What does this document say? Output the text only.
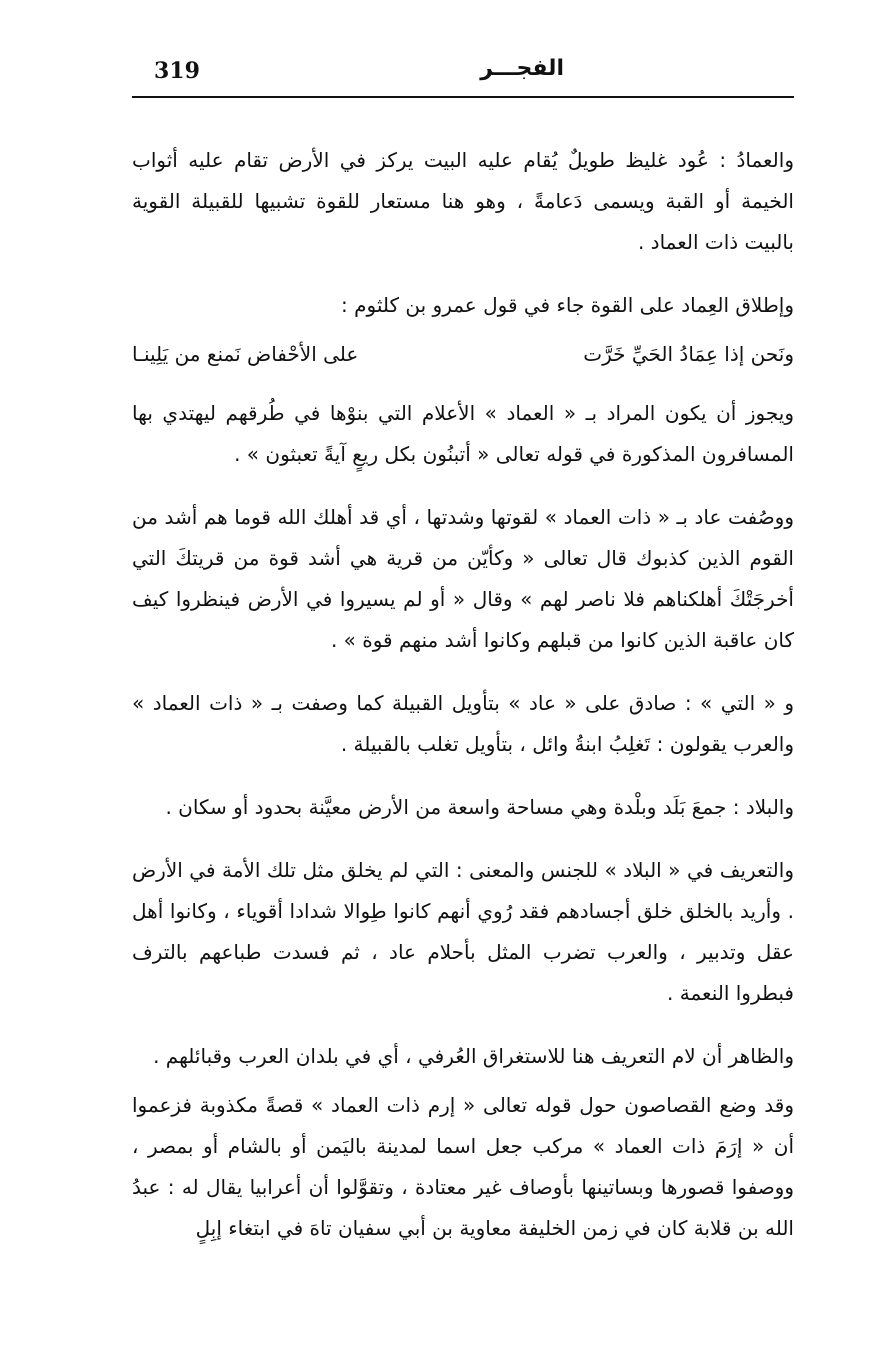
319	الفجـــر

والعمادُ : عُود غليظ طويلٌ يُقام عليه البيت يركز في الأرض تقام عليه أثواب الخيمة أو القبة ويسمى دَعامةً ، وهو هنا مستعار للقوة تشبيها للقبيلة القوية بالبيت ذات العماد .

وإطلاق العِماد على القوة جاء في قول عمرو بن كلثوم :

ونَحن إذا عِمَادُ الحَيِّ خَرَّت
على الأحْفاض نَمنع من يَلِينـا

ويجوز أن يكون المراد بـ « العماد » الأعلام التي بنوْها في طُرقهم ليهتدي بها المسافرون المذكورة في قوله تعالى « أتبنُون بكل ريعٍ آيةً تعبثون » .

ووصُفت عاد بـ « ذات العماد » لقوتها وشدتها ، أي قد أهلك الله قوما هم أشد من القوم الذين كذبوك قال تعالى « وكأيّن من قرية هي أشد قوة من قريتكَ التي أخرجَتْكَ أهلكناهم فلا ناصر لهم » وقال « أو لم يسيروا في الأرض فينظروا كيف كان عاقبة الذين كانوا من قبلهم وكانوا أشد منهم قوة » .

و « التي » : صادق على « عاد » بتأويل القبيلة كما وصفت بـ « ذات العماد » والعرب يقولون : تَغلِبُ ابنةُ وائل ، بتأويل تغلب بالقبيلة .

والبلاد : جمعَ بَلَد وبلْدة وهي مساحة واسعة من الأرض معيَّنة بحدود أو سكان .

والتعريف في « البلاد » للجنس والمعنى : التي لم يخلق مثل تلك الأمة في الأرض . وأريد بالخلق خلق أجسادهم فقد رُوي أنهم كانوا طِوالا شدادا أقوياء ، وكانوا أهل عقل وتدبير ، والعرب تضرب المثل بأحلام عاد ، ثم فسدت طباعهم بالترف فبطروا النعمة .

والظاهر أن لام التعريف هنا للاستغراق العُرفي ، أي في بلدان العرب وقبائلهم .

وقد وضع القصاصون حول قوله تعالى « إرم ذات العماد » قصةً مكذوبة فزعموا أن « إرَمَ ذات العماد » مركب جعل اسما لمدينة باليَمن أو بالشام أو بمصر ، ووصفوا قصورها وبساتينها بأوصاف غير معتادة ، وتقوَّلوا أن أعرابيا يقال له : عبدُ الله بن قلابة كان في زمن الخليفة معاوية بن أبي سفيان تاهَ في ابتغاء إبِلٍ
